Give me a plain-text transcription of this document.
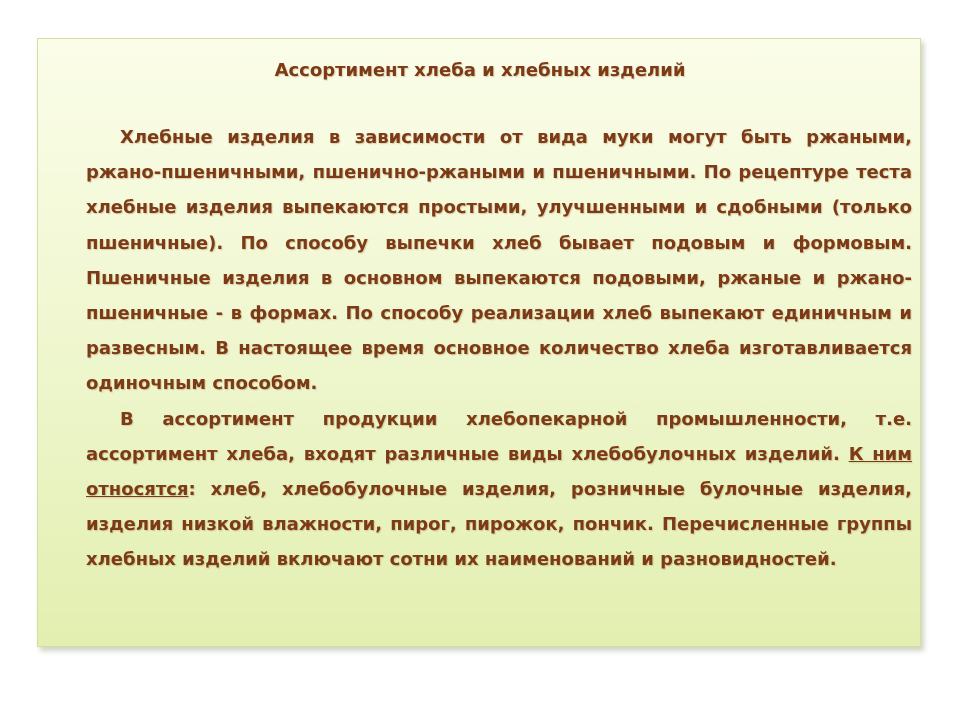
Ассортимент хлеба и хлебных изделий

Хлебные изделия в зависимости от вида муки могут быть ржаными, ржано-пшеничными, пшенично-ржаными и пшеничными. По рецептуре теста хлебные изделия выпекаются простыми, улучшенными и сдобными (только пшеничные). По способу выпечки хлеб бывает подовым и формовым. Пшеничные изделия в основном выпекаются подовыми, ржаные и ржано-пшеничные - в формах. По способу реализации хлеб выпекают единичным и развесным. В настоящее время основное количество хлеба изготавливается одиночным способом.

В ассортимент продукции хлебопекарной промышленности, т.е. ассортимент хлеба, входят различные виды хлебобулочных изделий. К ним относятся: хлеб, хлебобулочные изделия, розничные булочные изделия, изделия низкой влажности, пирог, пирожок, пончик. Перечисленные группы хлебных изделий включают сотни их наименований и разновидностей.
